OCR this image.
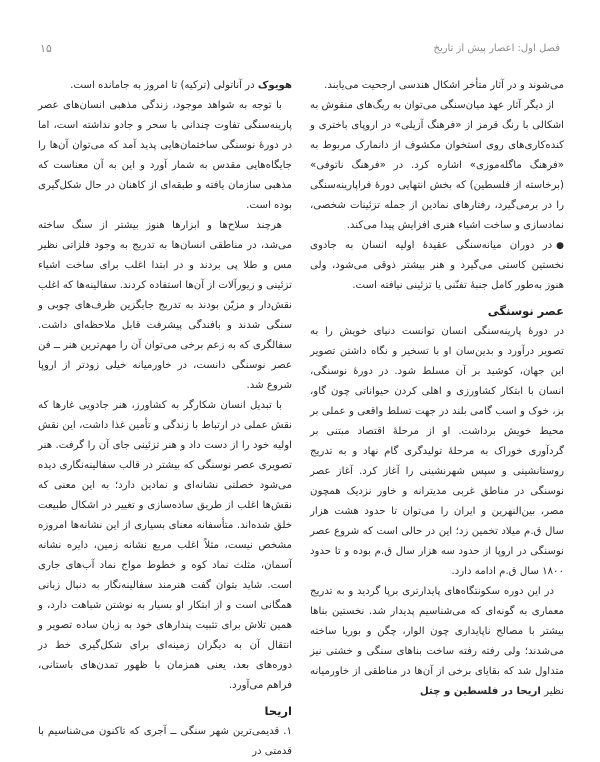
۱۵	فصل اول: اعصار پیش از تاریخ

می‌شوند و در آثار متأخر اشکال هندسی ارجحیت می‌یابند.

از دیگر آثار عهد میان‌سنگی می‌توان به ریگ‌های منقوش به اشکالی با رنگ قرمز از «فرهنگ آزیلی» در اروپای باختری و کنده‌کاری‌های روی استخوان مکشوف از دانمارک مربوط به «فرهنگ ماگله‌موزی» اشاره کرد. در «فرهنگ ناتوفی» (برخاسته از فلسطین) که بخش انتهایی دورهٔ فراپارینه‌سنگی را در برمی‌گیرد، رفتارهای نمادین از جمله تزئینات شخصی، نمادسازی و ساخت اشیاء هنری افزایش پیدا می‌کند.

●در دوران میانه‌سنگی عقیدهٔ اولیه انسان به جادوی نخستین کاستی می‌گیرد و هنر بیشتر ذوقی می‌شود، ولی هنوز به‌طور کامل جنبهٔ تفنّنی یا تزئینی نیافته است.

عصر نوسنگی

در دورهٔ پارینه‌سنگی انسان توانست دنیای خویش را به تصویر درآورد و بدین‌سان او با تسخیر و نگاه داشتن تصویر این جهان، کوشید بر آن مسلط شود. در دورهٔ نوسنگی، انسان با ابتکار کشاورزی و اهلی کردن حیواناتی چون گاو، بز، خوک و اسب گامی بلند در جهت تسلط واقعی و عملی بر محیط خویش برداشت. او از مرحلهٔ اقتصاد مبتنی بر گردآوری خوراک به مرحلهٔ تولیدگری گام نهاد و به تدریج روستانشینی و سپس شهرنشینی را آغاز کرد. آغاز عصر نوسنگی در مناطق غربی مدیترانه و خاور نزدیک همچون مصر، بین‌النهرین و ایران را می‌توان تا حدود هشت هزار سال ق.م میلاد تخمین زد؛ این در حالی است که شروع عصر نوسنگی در اروپا از حدود سه هزار سال ق.م بوده و تا حدود ۱۸۰۰ سال ق.م ادامه دارد.

در این دوره سکونتگاه‌های پایدارتری برپا گردید و به تدریج معماری به گونه‌ای که می‌شناسیم پدیدار شد. نخستین بناها بیشتر با مصالح ناپایداری چون الوار، چگن و بوریا ساخته می‌شدند؛ ولی رفته رفته ساخت بناهای سنگی و خشتی نیز متداول شد که بقایای برخی از آن‌ها در مناطقی از خاورمیانه نظیر اریحا در فلسطین و چتل

هویوک در آناتولی (ترکیه) تا امروز به جامانده است.

با توجه به شواهد موجود، زندگی مذهبی انسان‌های عصر پارینه‌سنگی تفاوت چندانی با سحر و جادو نداشته است، اما در دورهٔ نوسنگی ساختمان‌هایی پدید آمد که می‌توان آن‌ها را جایگاه‌هایی مقدس به شمار آورد و این به آن معناست که مذهبی سازمان یافته و طبقه‌ای از کاهنان در حال شکل‌گیری بوده است.

هرچند سلاح‌ها و ابزارها هنوز بیشتر از سنگ ساخته می‌شد، در مناطقی انسان‌ها به تدریج به وجود فلزاتی نظیر مس و طلا پی بردند و در ابتدا اغلب برای ساخت اشیاء تزئینی و زیورآلات از آن‌ها استفاده کردند. سفالینه‌ها که اغلب نقش‌دار و مزیّن بودند به تدریج جایگزین ظرف‌های چوبی و سنگی شدند و بافندگی پیشرفت قابل ملاحظه‌ای داشت. سفالگری که به زعم برخی می‌توان آن را مهم‌ترین هنر ــ فن عصر نوسنگی دانست، در خاورمیانه خیلی زودتر از اروپا شروع شد.

با تبدیل انسان شکارگر به کشاورز، هنر جادویی غارها که نقش عملی در ارتباط با زندگی و تأمین غذا داشت، این نقش اولیه خود را از دست داد و هنر تزئینی جای آن را گرفت. هنر تصویری عصر نوسنگی که بیشتر در قالب سفالینه‌نگاری دیده می‌شود خصلتی نشانه‌ای و نمادین دارد؛ به این معنی که نقش‌ها اغلب از طریق ساده‌سازی و تغییر در اشکال طبیعت خلق شده‌اند. متأسفانه معنای بسیاری از این نشانه‌ها امروزه مشخص نیست، مثلاً اغلب مربع نشانه زمین، دایره نشانه آسمان، مثلث نماد کوه و خطوط مواج نماد آب‌های جاری است. شاید بتوان گفت هنرمند سفالینه‌نگار به دنبال زبانی همگانی است و از ابتکار او بسیار به نوشتن شباهت دارد، و همین تلاش برای تثبیت پندارهای خود به زبان ساده تصویر و انتقال آن به دیگران زمینه‌ای برای شکل‌گیری خط در دوره‌های بعد، یعنی همزمان با ظهور تمدن‌های باستانی، فراهم می‌آورد.

اریحا

۱. قدیمی‌ترین شهر سنگی ــ آجری که تاکنون می‌شناسیم با قدمتی در
